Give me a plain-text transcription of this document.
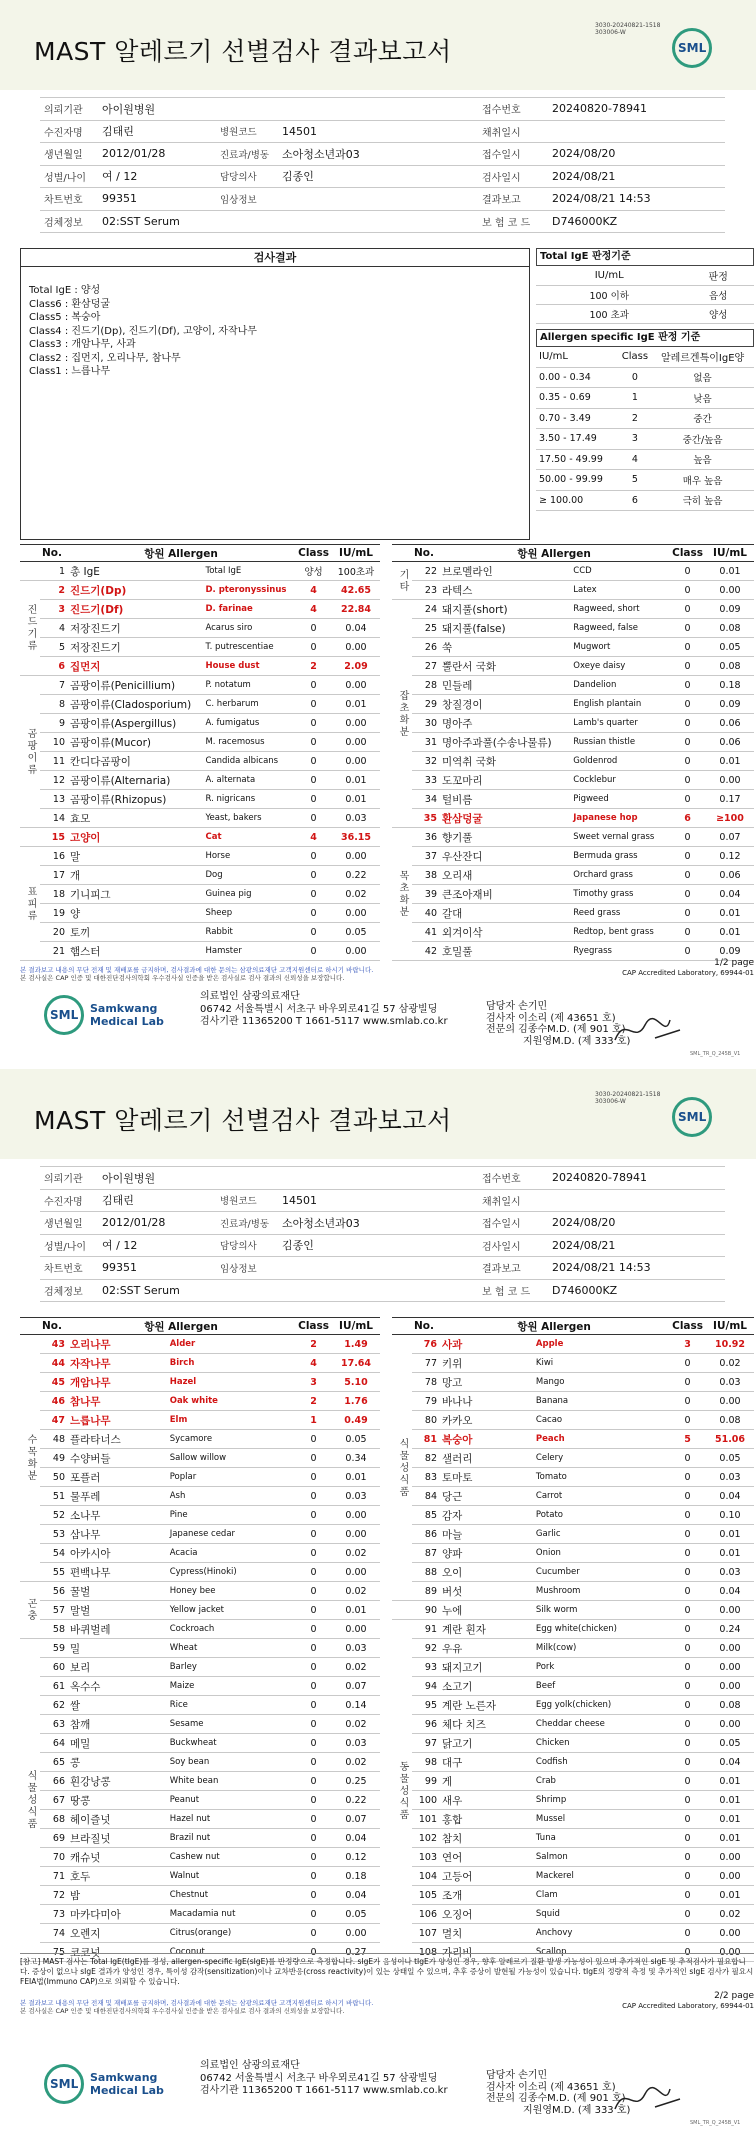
MAST 알레르기 선별검사 결과보고서
3030-20240821-1518
303006-W
SML
의뢰기관	아이원병원			접수번호	20240820-78941
수진자명	김태린	병원코드	14501	채취일시	
생년월일	2012/01/28	진료과/병동	소아청소년과03	접수일시	2024/08/20
성별/나이	여 / 12	담당의사	김종인	검사일시	2024/08/21
차트번호	99351	임상정보		결과보고	2024/08/21 14:53
검체정보	02:SST Serum			보 험 코 드	D746000KZ
검사결과
Total IgE : 양성
Class6 : 환삼덩굴
Class5 : 복숭아
Class4 : 진드기(Dp), 진드기(Df), 고양이, 자작나무
Class3 : 개암나무, 사과
Class2 : 집먼지, 오리나무, 참나무
Class1 : 느릅나무
Total IgE 판정기준
IU/mL	판정
100 이하	음성
100 초과	양성
Allergen specific IgE 판정 기준
IU/mL	Class	알레르겐특이IgE양
0.00 - 0.34	0	없음
0.35 - 0.69	1	낮음
0.70 - 3.49	2	중간
3.50 - 17.49	3	중간/높음
17.50 - 49.99	4	높음
50.00 - 99.99	5	매우 높음
≥ 100.00	6	극히 높음
No.		항원 Allergen		Class	IU/mL
	1	총 IgE	Total IgE	양성	100초과
진드기류	2	진드기(Dp)	D. pteronyssinus	4	42.65
	3	진드기(Df)	D. farinae	4	22.84
	4	저장진드기	Acarus siro	0	0.04
	5	저장진드기	T. putrescentiae	0	0.00
	6	집먼지	House dust	2	2.09
곰팡이류	7	곰팡이류(Penicillium)	P. notatum	0	0.00
	8	곰팡이류(Cladosporium)	C. herbarum	0	0.01
	9	곰팡이류(Aspergillus)	A. fumigatus	0	0.00
	10	곰팡이류(Mucor)	M. racemosus	0	0.00
	11	칸디다곰팡이	Candida albicans	0	0.00
	12	곰팡이류(Alternaria)	A. alternata	0	0.01
	13	곰팡이류(Rhizopus)	R. nigricans	0	0.01
	14	효모	Yeast, bakers	0	0.03
	15	고양이	Cat	4	36.15
표피류	16	말	Horse	0	0.00
	17	개	Dog	0	0.22
	18	기니피그	Guinea pig	0	0.02
	19	양	Sheep	0	0.00
	20	토끼	Rabbit	0	0.05
	21	햄스터	Hamster	0	0.00
No.		항원 Allergen		Class	IU/mL
기타	22	브로멜라인	CCD	0	0.01
	23	라텍스	Latex	0	0.00
잡초화분	24	돼지풀(short)	Ragweed, short	0	0.09
	25	돼지풀(false)	Ragweed, false	0	0.08
	26	쑥	Mugwort	0	0.05
	27	뿔란서 국화	Oxeye daisy	0	0.08
	28	민들레	Dandelion	0	0.18
	29	창질경이	English plantain	0	0.09
	30	명아주	Lamb's quarter	0	0.06
	31	명아주과풀(수송나물류)	Russian thistle	0	0.06
	32	미역취 국화	Goldenrod	0	0.01
	33	도꼬마리	Cocklebur	0	0.00
	34	털비름	Pigweed	0	0.17
	35	환삼덩굴	Japanese hop	6	≥100
목초화분	36	향기풀	Sweet vernal grass	0	0.07
	37	우산잔디	Bermuda grass	0	0.12
	38	오리새	Orchard grass	0	0.06
	39	큰조아재비	Timothy grass	0	0.04
	40	갈대	Reed grass	0	0.01
	41	외겨이삭	Redtop, bent grass	0	0.01
	42	호밀풀	Ryegrass	0	0.09
본 결과보고 내용의 무단 전재 및 재배포를 금지하며, 검사결과에 대한 문의는 삼광의료재단 고객지원센터로 하시기 바랍니다.
본 검사실은 CAP 인증 및 대한진단검사의학회 우수검사실 인증을 받은 검사실로 검사 결과의 신뢰성을 보장합니다.
1/2 page
CAP Accredited Laboratory, 69944-01
SML Samkwang
Medical Lab
의료법인 삼광의료재단
06742 서울특별시 서초구 바우뫼로41길 57 삼광빌딩
검사기관 11365200 T 1661-5117 www.smlab.co.kr
담당자 손기민
검사자 이소리 (제 43651 호)
전문의 김종수M.D. (제 901 호)
지원영M.D. (제 333 호)
SML_TR_Q_245B_V1
MAST 알레르기 선별검사 결과보고서
3030-20240821-1518
303006-W
SML
의뢰기관	아이원병원			접수번호	20240820-78941
수진자명	김태린	병원코드	14501	채취일시	
생년월일	2012/01/28	진료과/병동	소아청소년과03	접수일시	2024/08/20
성별/나이	여 / 12	담당의사	김종인	검사일시	2024/08/21
차트번호	99351	임상정보		결과보고	2024/08/21 14:53
검체정보	02:SST Serum			보 험 코 드	D746000KZ
No.		항원 Allergen		Class	IU/mL
수목화분	43	오리나무	Alder	2	1.49
	44	자작나무	Birch	4	17.64
	45	개암나무	Hazel	3	5.10
	46	참나무	Oak white	2	1.76
	47	느릅나무	Elm	1	0.49
	48	플라타너스	Sycamore	0	0.05
	49	수양버들	Sallow willow	0	0.34
	50	포플러	Poplar	0	0.01
	51	물푸레	Ash	0	0.03
	52	소나무	Pine	0	0.00
	53	삼나무	Japanese cedar	0	0.00
	54	아카시아	Acacia	0	0.02
	55	편백나무	Cypress(Hinoki)	0	0.00
곤충	56	꿀벌	Honey bee	0	0.02
	57	말벌	Yellow jacket	0	0.01
	58	바퀴벌레	Cockroach	0	0.00
식물성식품	59	밀	Wheat	0	0.03
	60	보리	Barley	0	0.02
	61	옥수수	Maize	0	0.07
	62	쌀	Rice	0	0.14
	63	참깨	Sesame	0	0.02
	64	메밀	Buckwheat	0	0.03
	65	콩	Soy bean	0	0.02
	66	흰강낭콩	White bean	0	0.25
	67	땅콩	Peanut	0	0.22
	68	헤이즐넛	Hazel nut	0	0.07
	69	브라질넛	Brazil nut	0	0.04
	70	캐슈넛	Cashew nut	0	0.12
	71	호두	Walnut	0	0.18
	72	밤	Chestnut	0	0.04
	73	마카다미아	Macadamia nut	0	0.05
	74	오렌지	Citrus(orange)	0	0.00
	75	코코넛	Coconut	0	0.27
No.		항원 Allergen		Class	IU/mL
식물성식품	76	사과	Apple	3	10.92
	77	키위	Kiwi	0	0.02
	78	망고	Mango	0	0.03
	79	바나나	Banana	0	0.00
	80	카카오	Cacao	0	0.08
	81	복숭아	Peach	5	51.06
	82	샐러리	Celery	0	0.05
	83	토마토	Tomato	0	0.03
	84	당근	Carrot	0	0.04
	85	감자	Potato	0	0.10
	86	마늘	Garlic	0	0.01
	87	양파	Onion	0	0.01
	88	오이	Cucumber	0	0.03
	89	버섯	Mushroom	0	0.04
	90	누에	Silk worm	0	0.00
동물성식품	91	계란 흰자	Egg white(chicken)	0	0.24
	92	우유	Milk(cow)	0	0.00
	93	돼지고기	Pork	0	0.00
	94	소고기	Beef	0	0.00
	95	계란 노른자	Egg yolk(chicken)	0	0.08
	96	체다 치즈	Cheddar cheese	0	0.00
	97	닭고기	Chicken	0	0.05
	98	대구	Codfish	0	0.04
	99	게	Crab	0	0.01
	100	새우	Shrimp	0	0.01
	101	홍합	Mussel	0	0.01
	102	참치	Tuna	0	0.01
	103	연어	Salmon	0	0.00
	104	고등어	Mackerel	0	0.00
	105	조개	Clam	0	0.01
	106	오징어	Squid	0	0.02
	107	멸치	Anchovy	0	0.00
	108	가리비	Scallop	0	0.00
[참고] MAST 검사는 Total IgE(tIgE)를 정성, allergen-specific IgE(sIgE)를 반정량으로 측정합니다. sIgE가 음성이나 tIgE가 양성인 경우, 향후 알레르기 질환 발생 가능성이 있으며 추가적인 sIgE 및 추적검사가 필요합니다. 증상이 없으나 sIgE 결과가 양성인 경우, 특이성 감작(sensitization)이나 교차반응(cross reactivity)이 있는 상태일 수 있으며, 추후 증상이 발현될 가능성이 있습니다. tIgE의 정량적 측정 및 추가적인 sIgE 검사가 필요시 FEIA법(Immuno CAP)으로 의뢰할 수 있습니다.
본 결과보고 내용의 무단 전재 및 재배포를 금지하며, 검사결과에 대한 문의는 삼광의료재단 고객지원센터로 하시기 바랍니다.
본 검사실은 CAP 인증 및 대한진단검사의학회 우수검사실 인증을 받은 검사실로 검사 결과의 신뢰성을 보장합니다.
2/2 page
CAP Accredited Laboratory, 69944-01
SML Samkwang
Medical Lab
의료법인 삼광의료재단
06742 서울특별시 서초구 바우뫼로41길 57 삼광빌딩
검사기관 11365200 T 1661-5117 www.smlab.co.kr
담당자 손기민
검사자 이소리 (제 43651 호)
전문의 김종수M.D. (제 901 호)
지원영M.D. (제 333 호)
SML_TR_Q_245B_V1
